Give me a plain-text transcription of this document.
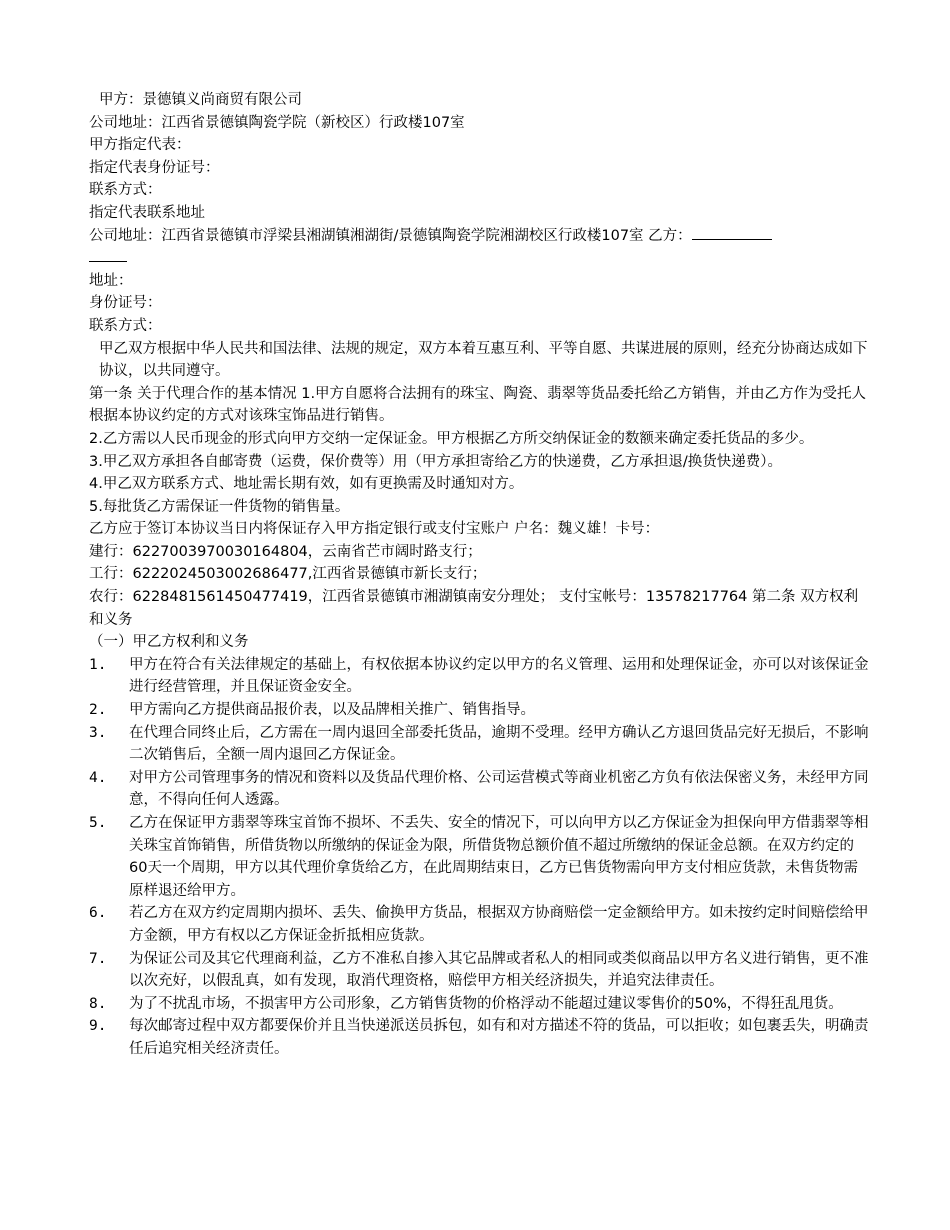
甲方：景德镇义尚商贸有限公司
公司地址：江西省景德镇陶瓷学院（新校区）行政楼107室
甲方指定代表：
指定代表身份证号：
联系方式：
指定代表联系地址
公司地址：江西省景德镇市浮梁县湘湖镇湘湖街/景德镇陶瓷学院湘湖校区行政楼107室 乙方：
地址：
身份证号：
联系方式：
甲乙双方根据中华人民共和国法律、法规的规定，双方本着互惠互利、平等自愿、共谋进展的原则，经充分协商达成如下协议，以共同遵守。
第一条 关于代理合作的基本情况 1.甲方自愿将合法拥有的珠宝、陶瓷、翡翠等货品委托给乙方销售，并由乙方作为受托人根据本协议约定的方式对该珠宝饰品进行销售。
2.乙方需以人民币现金的形式向甲方交纳一定保证金。甲方根据乙方所交纳保证金的数额来确定委托货品的多少。
3.甲乙双方承担各自邮寄费（运费，保价费等）用（甲方承担寄给乙方的快递费，乙方承担退/换货快递费）。
4.甲乙双方联系方式、地址需长期有效，如有更换需及时通知对方。
5.每批货乙方需保证一件货物的销售量。
乙方应于签订本协议当日内将保证存入甲方指定银行或支付宝账户 户名：魏义雄！卡号：
建行：6227003970030164804，云南省芒市阔时路支行；
工行：6222024503002686477,江西省景德镇市新长支行；
农行：6228481561450477419，江西省景德镇市湘湖镇南安分理处； 支付宝帐号：13578217764 第二条 双方权利和义务
（一）甲乙方权利和义务
1.	甲方在符合有关法律规定的基础上，有权依据本协议约定以甲方的名义管理、运用和处理保证金，亦可以对该保证金进行经营管理，并且保证资金安全。
2.	甲方需向乙方提供商品报价表，以及品牌相关推广、销售指导。
3.	在代理合同终止后，乙方需在一周内退回全部委托货品，逾期不受理。经甲方确认乙方退回货品完好无损后，不影响二次销售后，全额一周内退回乙方保证金。
4.	对甲方公司管理事务的情况和资料以及货品代理价格、公司运营模式等商业机密乙方负有依法保密义务，未经甲方同意，不得向任何人透露。
5.	乙方在保证甲方翡翠等珠宝首饰不损坏、不丢失、安全的情况下，可以向甲方以乙方保证金为担保向甲方借翡翠等相关珠宝首饰销售，所借货物以所缴纳的保证金为限，所借货物总额价值不超过所缴纳的保证金总额。在双方约定的60天一个周期，甲方以其代理价拿货给乙方，在此周期结束日，乙方已售货物需向甲方支付相应货款，未售货物需原样退还给甲方。
6.	若乙方在双方约定周期内损坏、丢失、偷换甲方货品，根据双方协商赔偿一定金额给甲方。如未按约定时间赔偿给甲方金额，甲方有权以乙方保证金折抵相应货款。
7.	为保证公司及其它代理商利益，乙方不准私自掺入其它品牌或者私人的相同或类似商品以甲方名义进行销售，更不准以次充好，以假乱真，如有发现，取消代理资格，赔偿甲方相关经济损失，并追究法律责任。
8.	为了不扰乱市场，不损害甲方公司形象，乙方销售货物的价格浮动不能超过建议零售价的50%，不得狂乱甩货。
9.	每次邮寄过程中双方都要保价并且当快递派送员拆包，如有和对方描述不符的货品，可以拒收；如包裹丢失，明确责任后追究相关经济责任。
